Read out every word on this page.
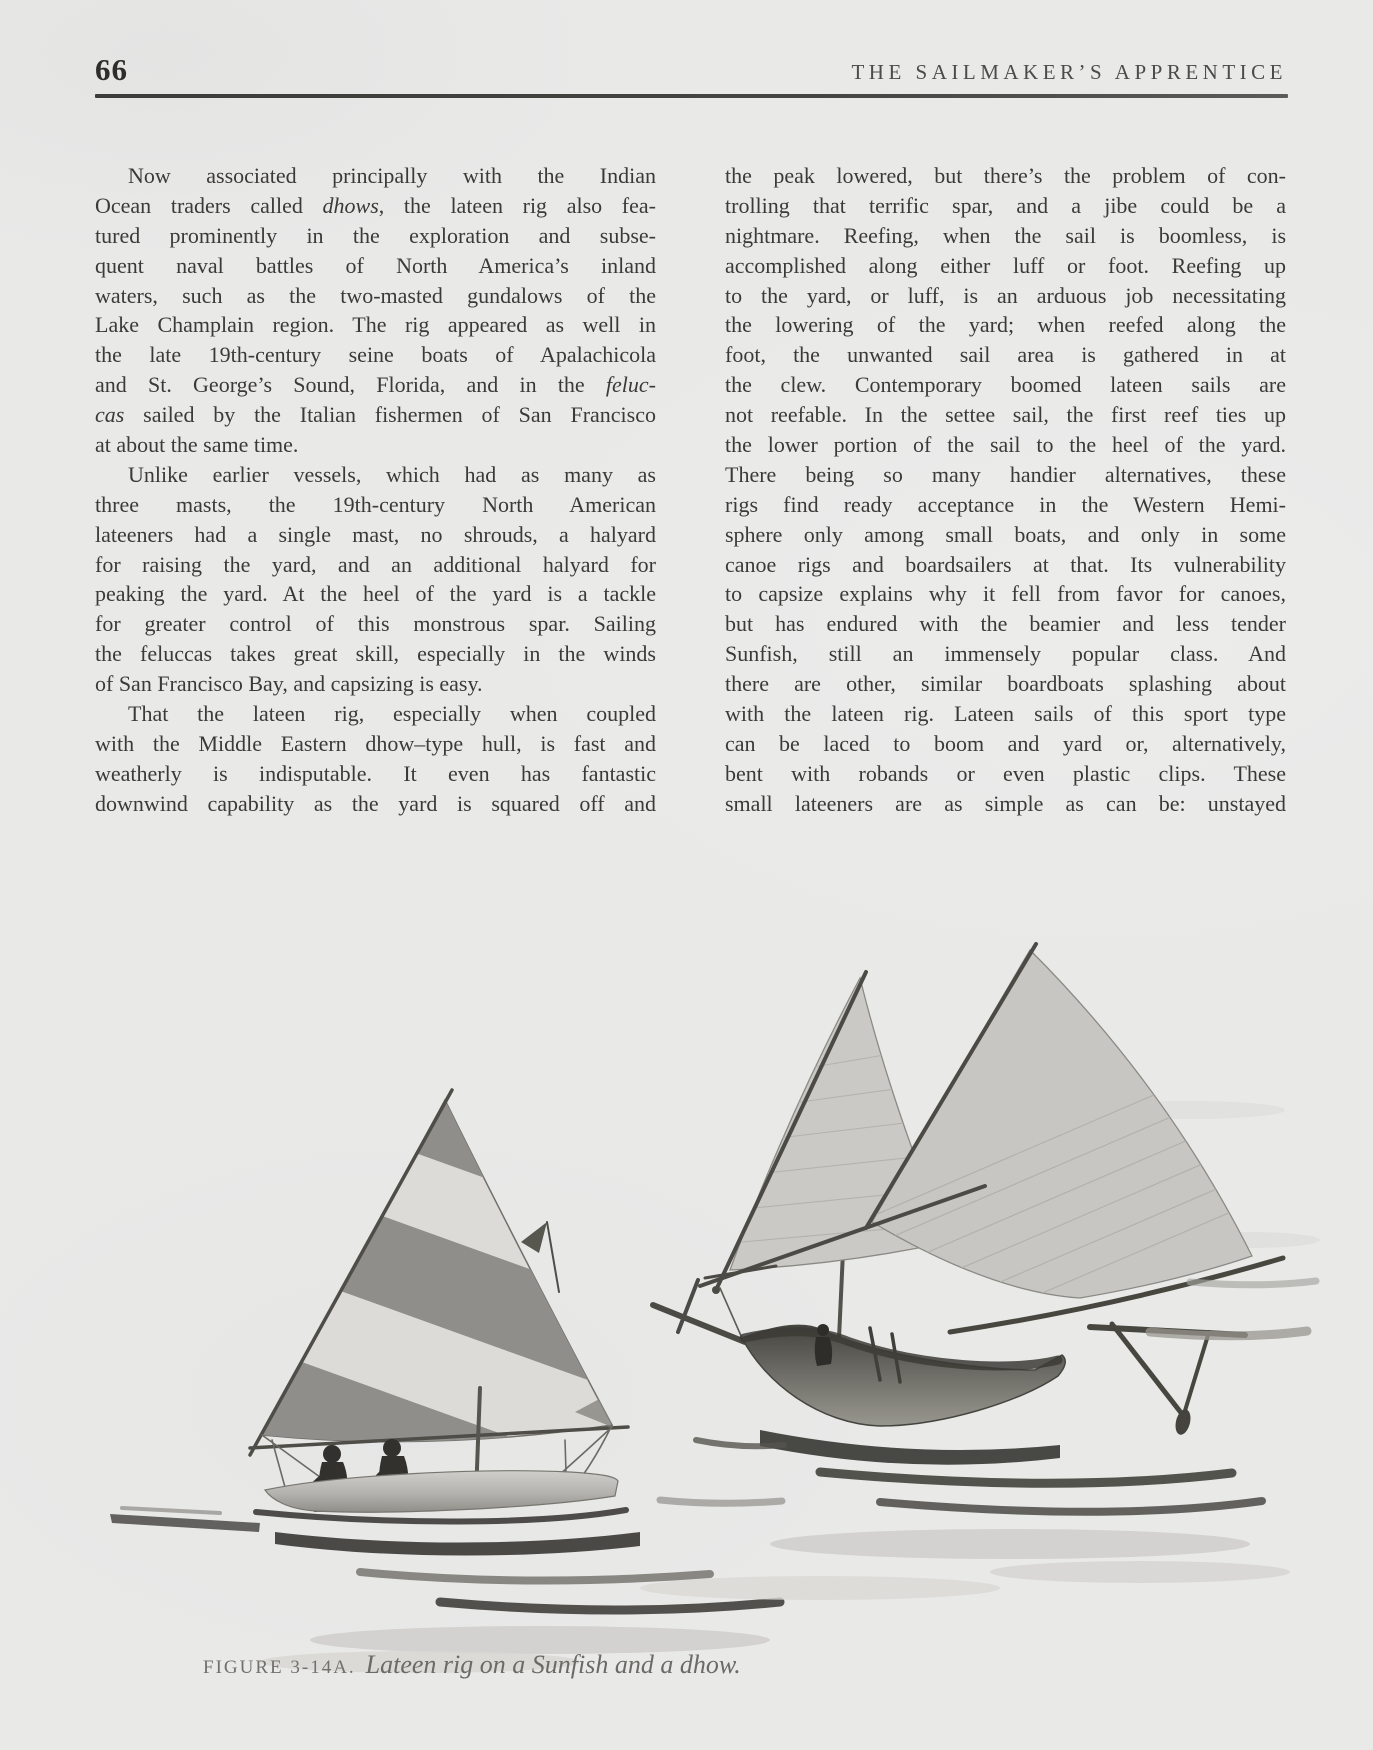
66	THE SAILMAKER’S APPRENTICE
Now associated principally with the Indian
Ocean traders called dhows, the lateen rig also fea-
tured prominently in the exploration and subse-
quent naval battles of North America’s inland
waters, such as the two-masted gundalows of the
Lake Champlain region. The rig appeared as well in
the late 19th-century seine boats of Apalachicola
and St. George’s Sound, Florida, and in the feluc-
cas sailed by the Italian fishermen of San Francisco
at about the same time.
Unlike earlier vessels, which had as many as
three masts, the 19th-century North American
lateeners had a single mast, no shrouds, a halyard
for raising the yard, and an additional halyard for
peaking the yard. At the heel of the yard is a tackle
for greater control of this monstrous spar. Sailing
the feluccas takes great skill, especially in the winds
of San Francisco Bay, and capsizing is easy.
That the lateen rig, especially when coupled
with the Middle Eastern dhow–type hull, is fast and
weatherly is indisputable. It even has fantastic
downwind capability as the yard is squared off and
the peak lowered, but there’s the problem of con-
trolling that terrific spar, and a jibe could be a
nightmare. Reefing, when the sail is boomless, is
accomplished along either luff or foot. Reefing up
to the yard, or luff, is an arduous job necessitating
the lowering of the yard; when reefed along the
foot, the unwanted sail area is gathered in at
the clew. Contemporary boomed lateen sails are
not reefable. In the settee sail, the first reef ties up
the lower portion of the sail to the heel of the yard.
There being so many handier alternatives, these
rigs find ready acceptance in the Western Hemi-
sphere only among small boats, and only in some
canoe rigs and boardsailers at that. Its vulnerability
to capsize explains why it fell from favor for canoes,
but has endured with the beamier and less tender
Sunfish, still an immensely popular class. And
there are other, similar boardboats splashing about
with the lateen rig. Lateen sails of this sport type
can be laced to boom and yard or, alternatively,
bent with robands or even plastic clips. These
small lateeners are as simple as can be: unstayed
FIGURE 3-14A. Lateen rig on a Sunfish and a dhow.
